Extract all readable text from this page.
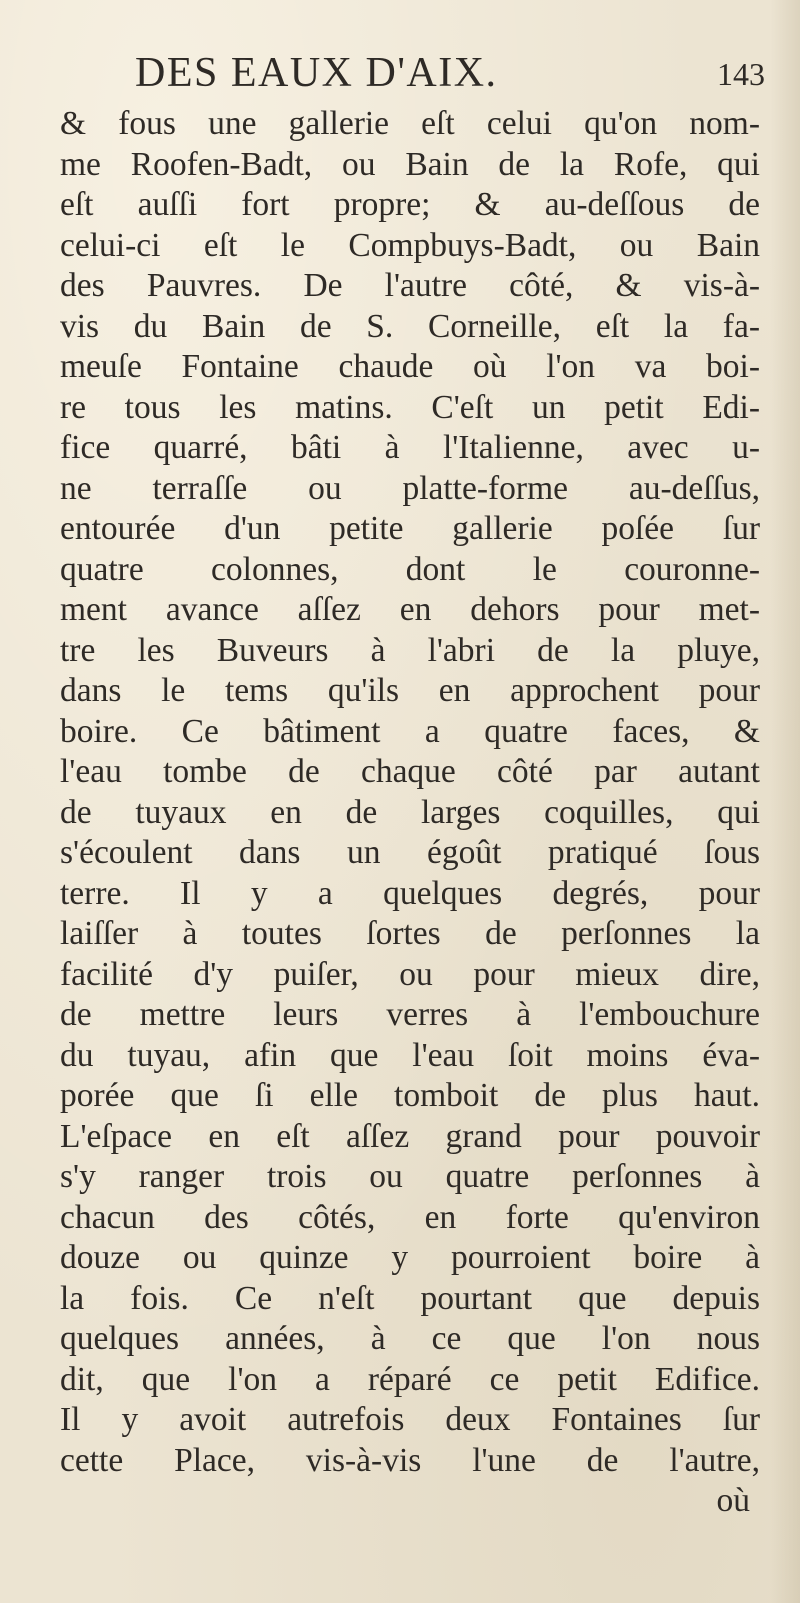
DES EAUX D'AIX.	143
& fous une gallerie eſt celui qu'on nom-
me Roofen-Badt, ou Bain de la Rofe, qui
eſt auſſi fort propre; & au-deſſous de
celui-ci eſt le Compbuys-Badt, ou Bain
des Pauvres. De l'autre côté, & vis-à-
vis du Bain de S. Corneille, eſt la fa-
meuſe Fontaine chaude où l'on va boi-
re tous les matins. C'eſt un petit Edi-
fice quarré, bâti à l'Italienne, avec u-
ne terraſſe ou platte-forme au-deſſus,
entourée d'un petite gallerie poſée ſur
quatre colonnes, dont le couronne-
ment avance aſſez en dehors pour met-
tre les Buveurs à l'abri de la pluye,
dans le tems qu'ils en approchent pour
boire. Ce bâtiment a quatre faces, &
l'eau tombe de chaque côté par autant
de tuyaux en de larges coquilles, qui
s'écoulent dans un égoût pratiqué ſous
terre. Il y a quelques degrés, pour
laiſſer à toutes ſortes de perſonnes la
facilité d'y puiſer, ou pour mieux dire,
de mettre leurs verres à l'embouchure
du tuyau, afin que l'eau ſoit moins éva-
porée que ſi elle tomboit de plus haut.
L'eſpace en eſt aſſez grand pour pouvoir
s'y ranger trois ou quatre perſonnes à
chacun des côtés, en forte qu'environ
douze ou quinze y pourroient boire à
la fois. Ce n'eſt pourtant que depuis
quelques années, à ce que l'on nous
dit, que l'on a réparé ce petit Edifice.
Il y avoit autrefois deux Fontaines ſur
cette Place, vis-à-vis l'une de l'autre,
où
